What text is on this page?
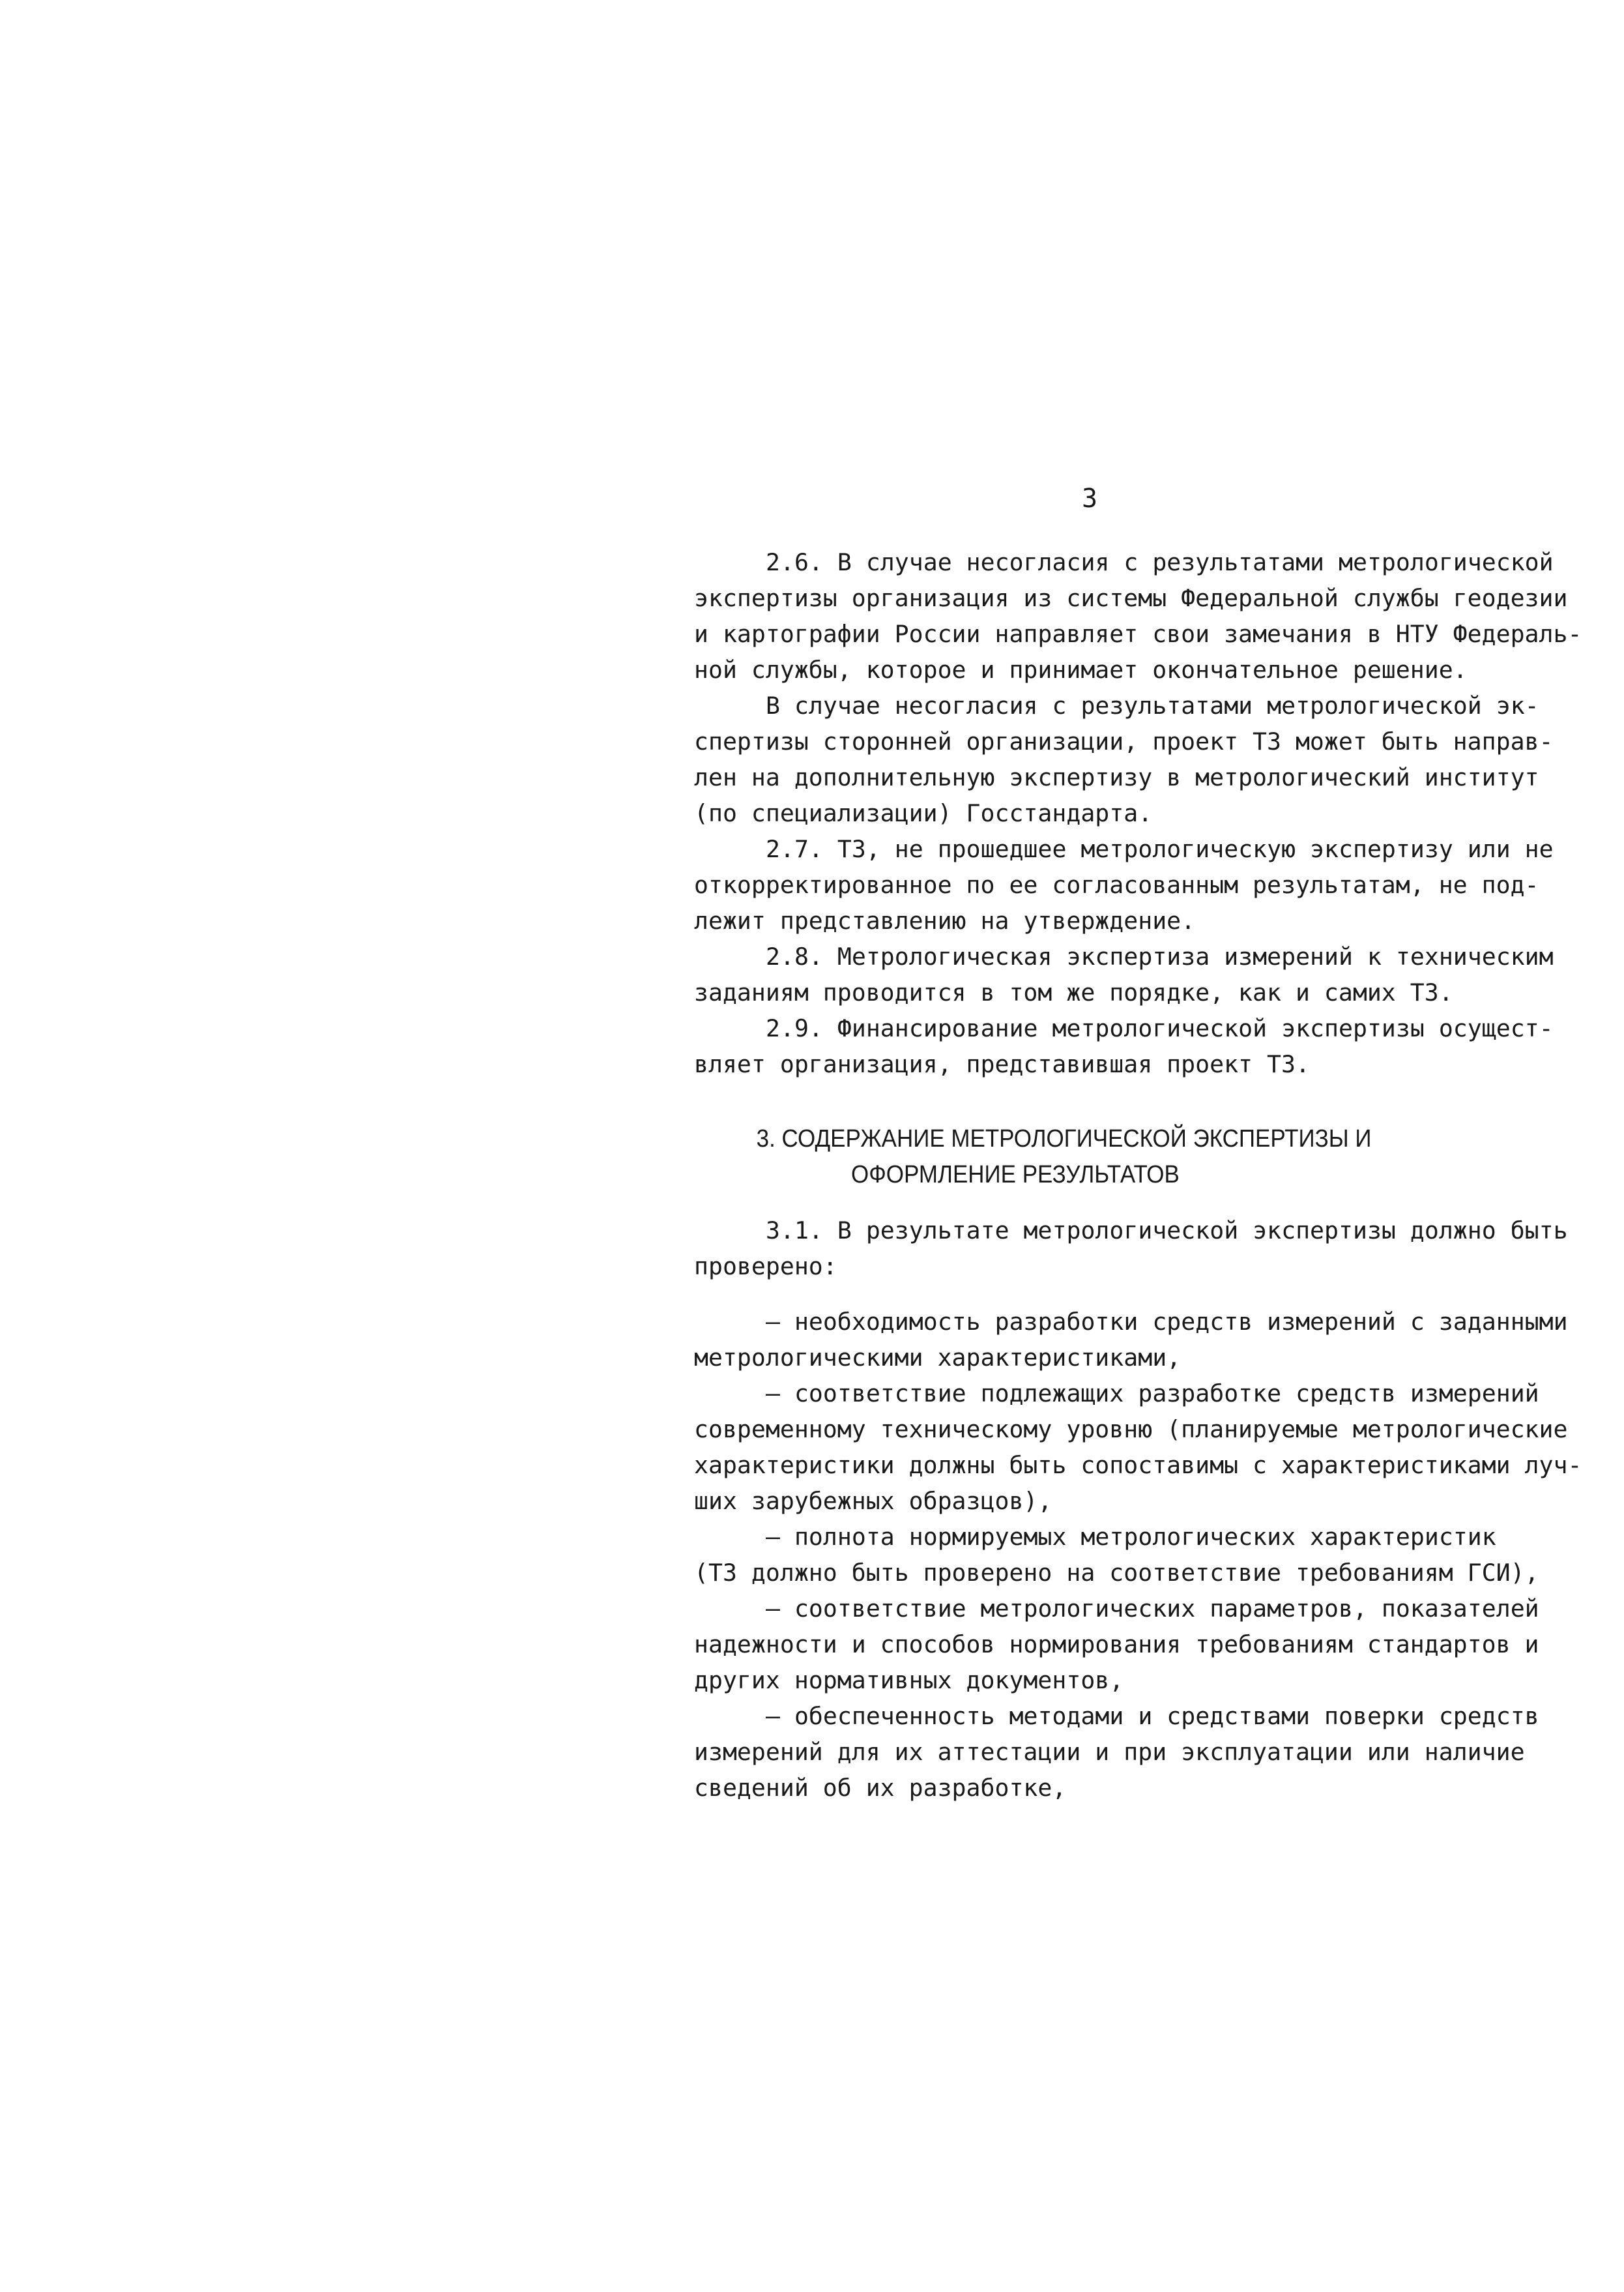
3
2.6. В случае несогласия с результатами метрологической
экспертизы организация из системы Федеральной службы геодезии
и картографии России направляет свои замечания в НТУ Федераль-
ной службы, которое и принимает окончательное решение.
В случае несогласия с результатами метрологической эк-
спертизы сторонней организации, проект ТЗ может быть направ-
лен на дополнительную экспертизу в метрологический институт
(по специализации) Госстандарта.
2.7. ТЗ, не прошедшее метрологическую экспертизу или не
откорректированное по ее согласованным результатам, не под-
лежит представлению на утверждение.
2.8. Метрологическая экспертиза измерений к техническим
заданиям проводится в том же порядке, как и самих ТЗ.
2.9. Финансирование метрологической экспертизы осущест-
вляет организация, представившая проект ТЗ.
3. СОДЕРЖАНИЕ МЕТРОЛОГИЧЕСКОЙ ЭКСПЕРТИЗЫ И
ОФОРМЛЕНИЕ РЕЗУЛЬТАТОВ
3.1. В результате метрологической экспертизы должно быть
проверено:
– необходимость разработки средств измерений с заданными
метрологическими характеристиками,
– соответствие подлежащих разработке средств измерений
современному техническому уровню (планируемые метрологические
характеристики должны быть сопоставимы с характеристиками луч-
ших зарубежных образцов),
– полнота нормируемых метрологических характеристик
(ТЗ должно быть проверено на соответствие требованиям ГСИ),
– соответствие метрологических параметров, показателей
надежности и способов нормирования требованиям стандартов и
других нормативных документов,
– обеспеченность методами и средствами поверки средств
измерений для их аттестации и при эксплуатации или наличие
сведений об их разработке,
